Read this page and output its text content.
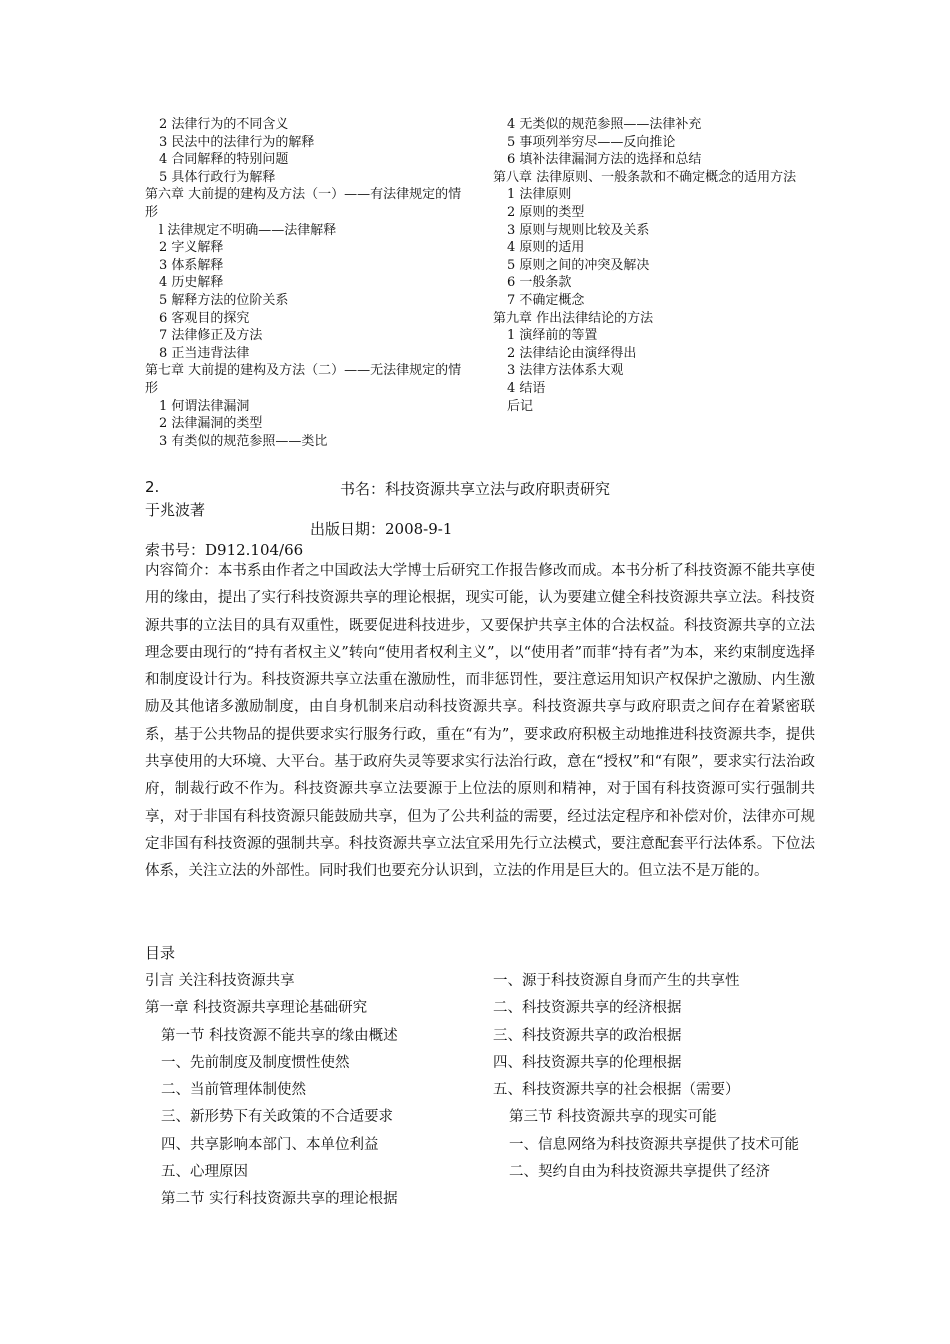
2 法律行为的不同含义
3 民法中的法律行为的解释
4 合同解释的特别问题
5 具体行政行为解释
第六章 大前提的建构及方法（一）——有法律规定的情形
l 法律规定不明确——法律解释
2 字义解释
3 体系解释
4 历史解释
5 解释方法的位阶关系
6 客观目的探究
7 法律修正及方法
8 正当违背法律
第七章 大前提的建构及方法（二）——无法律规定的情形
1 何谓法律漏洞
2 法律漏洞的类型
3 有类似的规范参照——类比
4 无类似的规范参照——法律补充
5 事项列举穷尽——反向推论
6 填补法律漏洞方法的选择和总结
第八章 法律原则、一般条款和不确定概念的适用方法
1 法律原则
2 原则的类型
3 原则与规则比较及关系
4 原则的适用
5 原则之间的冲突及解决
6 一般条款
7 不确定概念
第九章 作出法律结论的方法
1 演绎前的等置
2 法律结论由演绎得出
3 法律方法体系大观
4 结语
后记
2.	书名：科技资源共享立法与政府职责研究
于兆波著
出版日期：2008-9-1
索书号：D912.104/66

内容简介：本书系由作者之中国政法大学博士后研究工作报告修改而成。本书分析了科技资源不能共享使用的缘由，提出了实行科技资源共享的理论根据，现实可能，认为要建立健全科技资源共享立法。科技资源共事的立法目的具有双重性，既要促进科技进步，又要保护共享主体的合法权益。科技资源共享的立法理念要由现行的“持有者权主义”转向“使用者权利主义”，以“使用者”而菲“持有者”为本，来约束制度选择和制度设计行为。科技资源共享立法重在激励性，而非惩罚性，要注意运用知识产权保护之激励、内生激励及其他诸多激励制度，由自身机制来启动科技资源共享。科技资源共享与政府职责之间存在着紧密联系，基于公共物品的提供要求实行服务行政，重在“有为”，要求政府积极主动地推进科技资源共李，提供共享使用的大环境、大平台。基于政府失灵等要求实行法治行政，意在“授权”和“有限”，要求实行法治政府，制裁行政不作为。科技资源共享立法要源于上位法的原则和精神，对于国有科技资源可实行强制共享，对于非国有科技资源只能鼓励共享，但为了公共利益的需要，经过法定程序和补偿对价，法律亦可规定非国有科技资源的强制共享。科技资源共享立法宜采用先行立法模式，要注意配套平行法体系。下位法体系，关注立法的外部性。同时我们也要充分认识到，立法的作用是巨大的。但立法不是万能的。

目录
引言 关注科技资源共享
第一章 科技资源共享理论基础研究
第一节 科技资源不能共享的缘由概述
一、先前制度及制度惯性使然
二、当前管理体制使然
三、新形势下有关政策的不合适要求
四、共享影响本部门、本单位利益
五、心理原因
第二节 实行科技资源共享的理论根据
一、源于科技资源自身而产生的共享性
二、科技资源共享的经济根据
三、科技资源共享的政治根据
四、科技资源共享的伦理根据
五、科技资源共享的社会根据（需要）
第三节 科技资源共享的现实可能
一、信息网络为科技资源共享提供了技术可能
二、契约自由为科技资源共享提供了经济
